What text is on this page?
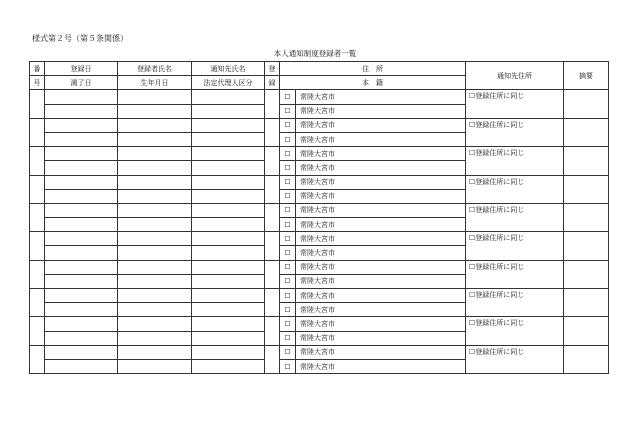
様式第２号（第５条関係）
本人通知制度登録者一覧
番	登録日	登録者氏名	通知先氏名	登	住　所		通知先住所	摘要
号	満了日	生年月日	法定代理人区分	録	本　籍			
					☐	常陸大宮市	☐登録住所に同じ	
					☐	常陸大宮市		
					☐	常陸大宮市	☐登録住所に同じ	
					☐	常陸大宮市		
					☐	常陸大宮市	☐登録住所に同じ	
					☐	常陸大宮市		
					☐	常陸大宮市	☐登録住所に同じ	
					☐	常陸大宮市		
					☐	常陸大宮市	☐登録住所に同じ	
					☐	常陸大宮市		
					☐	常陸大宮市	☐登録住所に同じ	
					☐	常陸大宮市		
					☐	常陸大宮市	☐登録住所に同じ	
					☐	常陸大宮市		
					☐	常陸大宮市	☐登録住所に同じ	
					☐	常陸大宮市		
					☐	常陸大宮市	☐登録住所に同じ	
					☐	常陸大宮市		
					☐	常陸大宮市	☐登録住所に同じ	
					☐	常陸大宮市		
